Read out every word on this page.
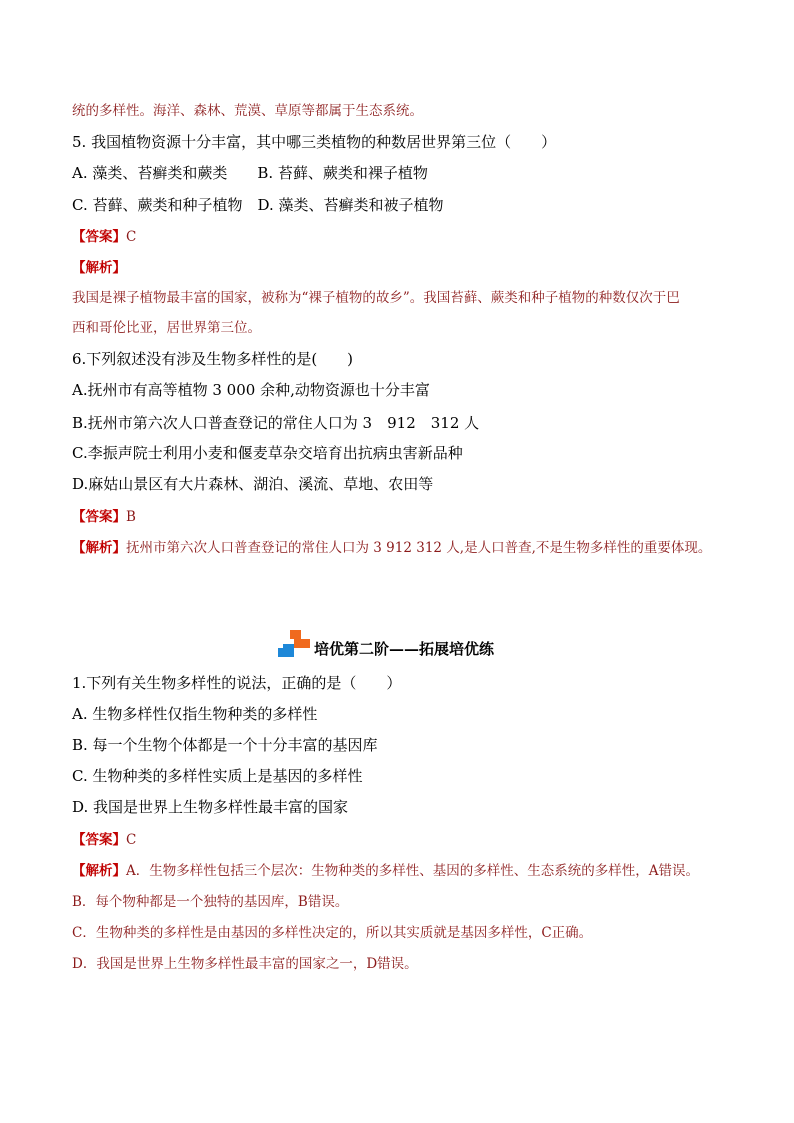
统的多样性。海洋、森林、荒漠、草原等都属于生态系统。
5. 我国植物资源十分丰富，其中哪三类植物的种数居世界第三位（　　）
A. 藻类、苔癣类和蕨类　　B. 苔藓、蕨类和裸子植物
C. 苔藓、蕨类和种子植物　D. 藻类、苔癣类和被子植物
【答案】C
【解析】
我国是裸子植物最丰富的国家，被称为“裸子植物的故乡”。我国苔藓、蕨类和种子植物的种数仅次于巴
西和哥伦比亚，居世界第三位。
6.下列叙述没有涉及生物多样性的是(　　)
A.抚州市有高等植物 3 000 余种,动物资源也十分丰富
B.抚州市第六次人口普查登记的常住人口为 3　912　312 人
C.李振声院士利用小麦和偃麦草杂交培育出抗病虫害新品种
D.麻姑山景区有大片森林、湖泊、溪流、草地、农田等
【答案】B
【解析】抚州市第六次人口普查登记的常住人口为 3 912 312 人,是人口普查,不是生物多样性的重要体现。
培优第二阶——拓展培优练
1.下列有关生物多样性的说法，正确的是（　　）
A. 生物多样性仅指生物种类的多样性
B. 每一个生物个体都是一个十分丰富的基因库
C. 生物种类的多样性实质上是基因的多样性
D. 我国是世界上生物多样性最丰富的国家
【答案】C
【解析】A．生物多样性包括三个层次：生物种类的多样性、基因的多样性、生态系统的多样性，A错误。
B．每个物种都是一个独特的基因库，B错误。
C．生物种类的多样性是由基因的多样性决定的，所以其实质就是基因多样性，C正确。
D．我国是世界上生物多样性最丰富的国家之一，D错误。
